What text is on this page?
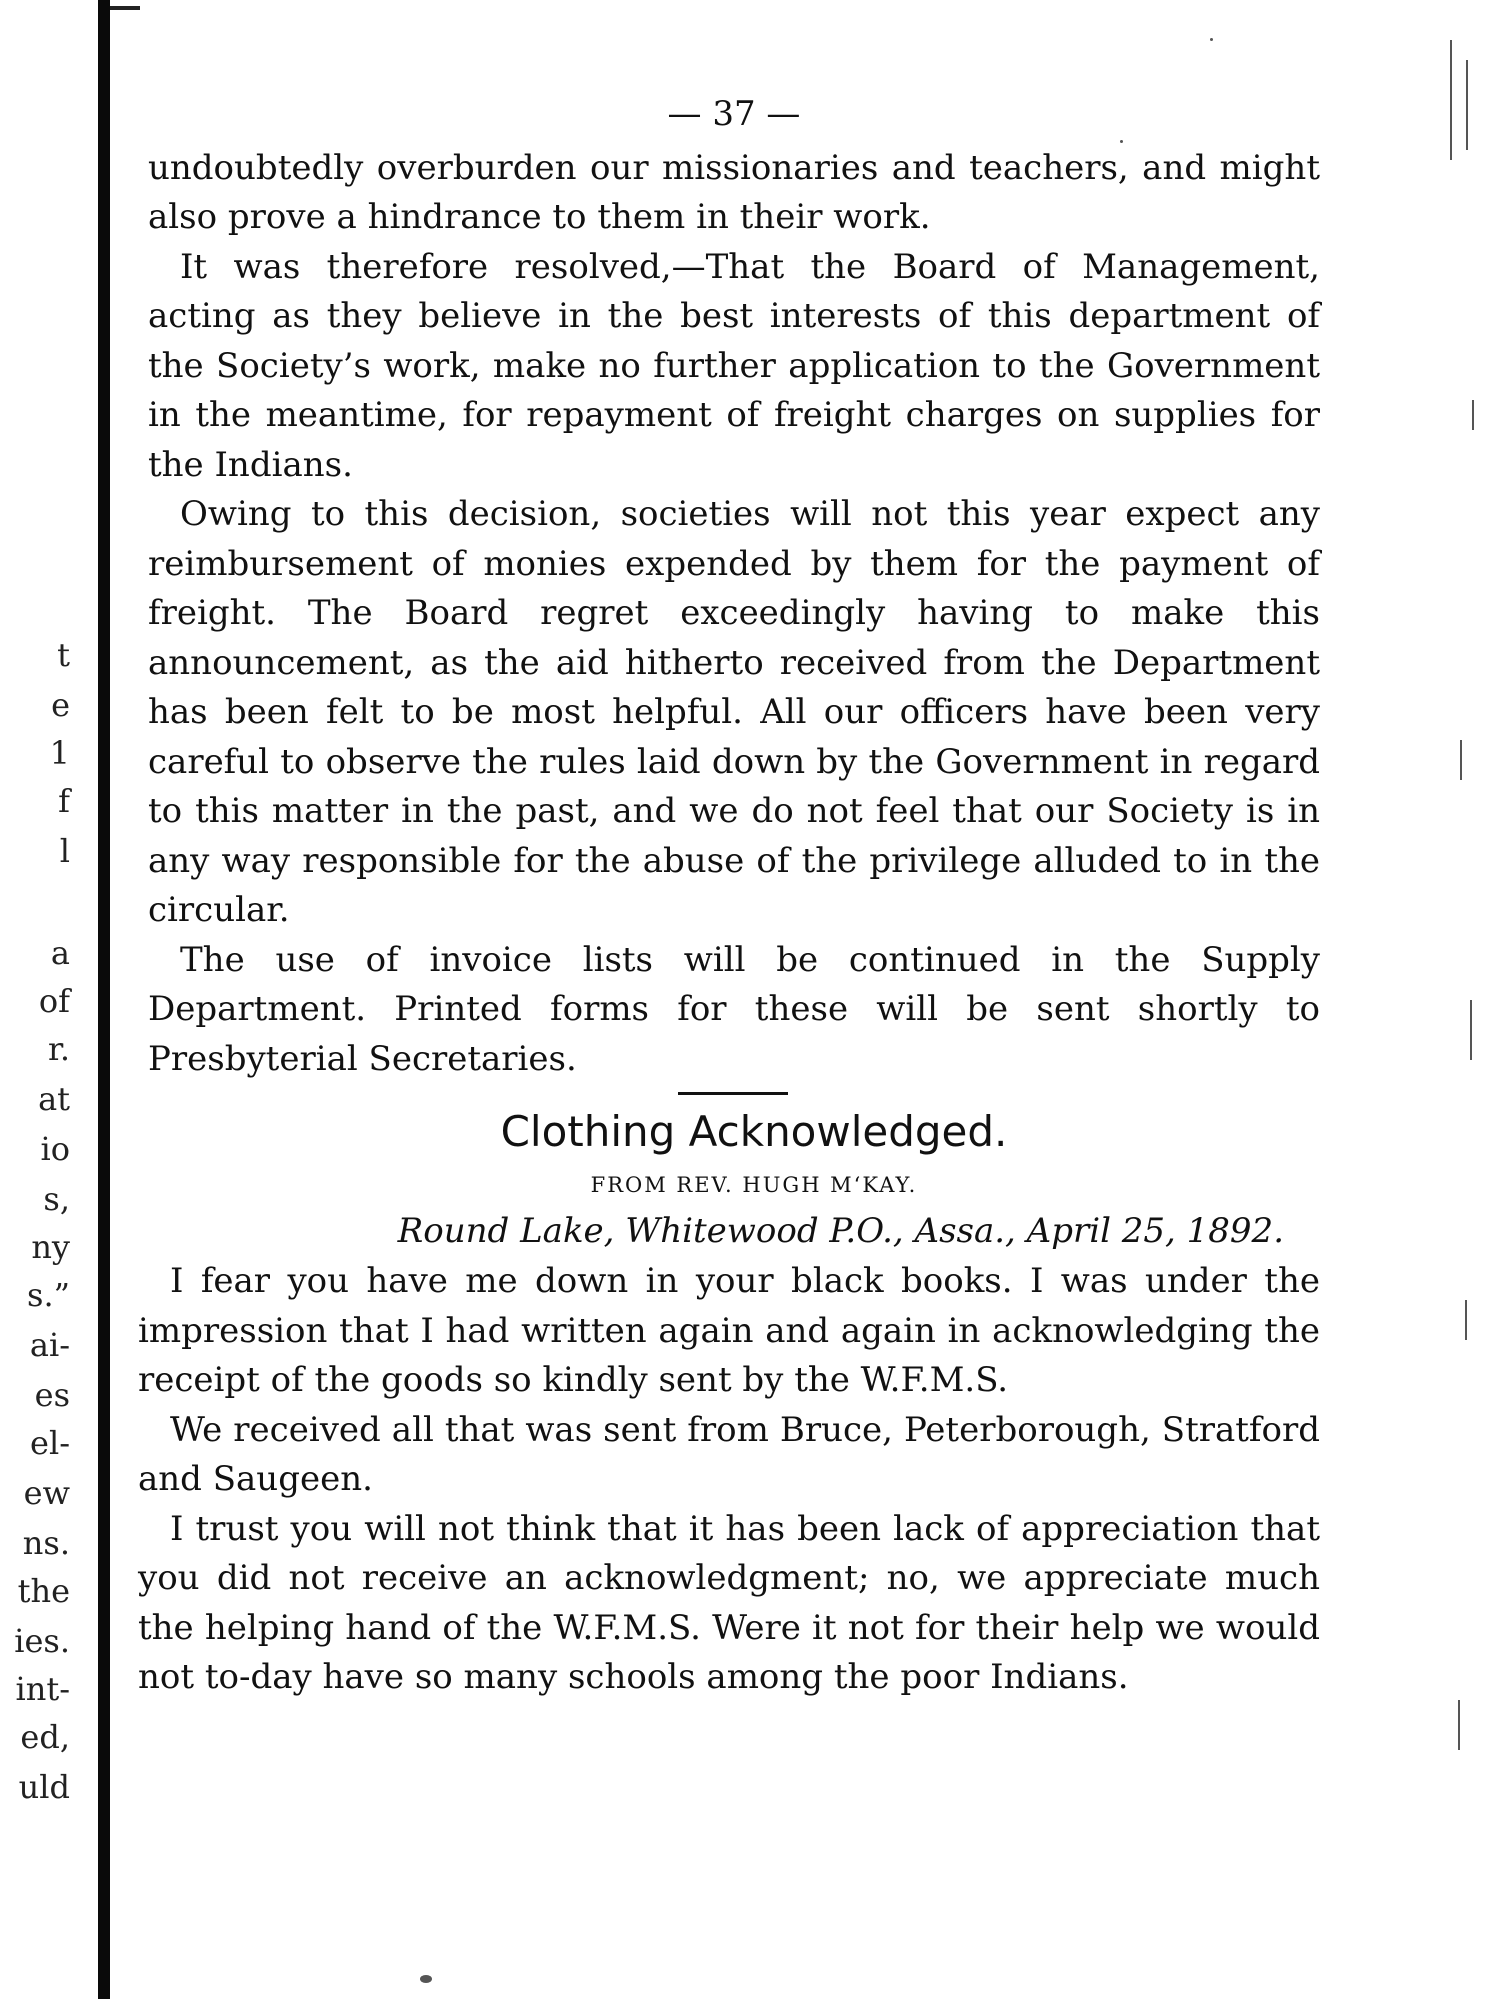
t
e
1
f
l
a
of
r.
at
io
s,
ny
s.”
ai-
es
el-
ew
ns.
the
ies.
int-
ed,
uld
— 37 —

undoubtedly overburden our missionaries and teachers, and might also prove a hindrance to them in their work.

It was therefore resolved,—That the Board of Management, acting as they believe in the best interests of this department of the Society’s work, make no further application to the Government in the meantime, for repayment of freight charges on supplies for the Indians.

Owing to this decision, societies will not this year expect any reimbursement of monies expended by them for the payment of freight. The Board regret exceedingly having to make this announcement, as the aid hitherto received from the Department has been felt to be most helpful. All our officers have been very careful to observe the rules laid down by the Government in regard to this matter in the past, and we do not feel that our Society is in any way responsible for the abuse of the privilege alluded to in the circular.

The use of invoice lists will be continued in the Supply Department. Printed forms for these will be sent shortly to Presbyterial Secretaries.

Clothing Acknowledged.
FROM REV. HUGH M‘KAY.
Round Lake, Whitewood P.O., Assa., April 25, 1892.

I fear you have me down in your black books. I was under the impression that I had written again and again in acknowledging the receipt of the goods so kindly sent by the W.F.M.S.

We received all that was sent from Bruce, Peterborough, Stratford and Saugeen.

I trust you will not think that it has been lack of appreciation that you did not receive an acknowledgment; no, we appreciate much the helping hand of the W.F.M.S. Were it not for their help we would not to-day have so many schools among the poor Indians.
